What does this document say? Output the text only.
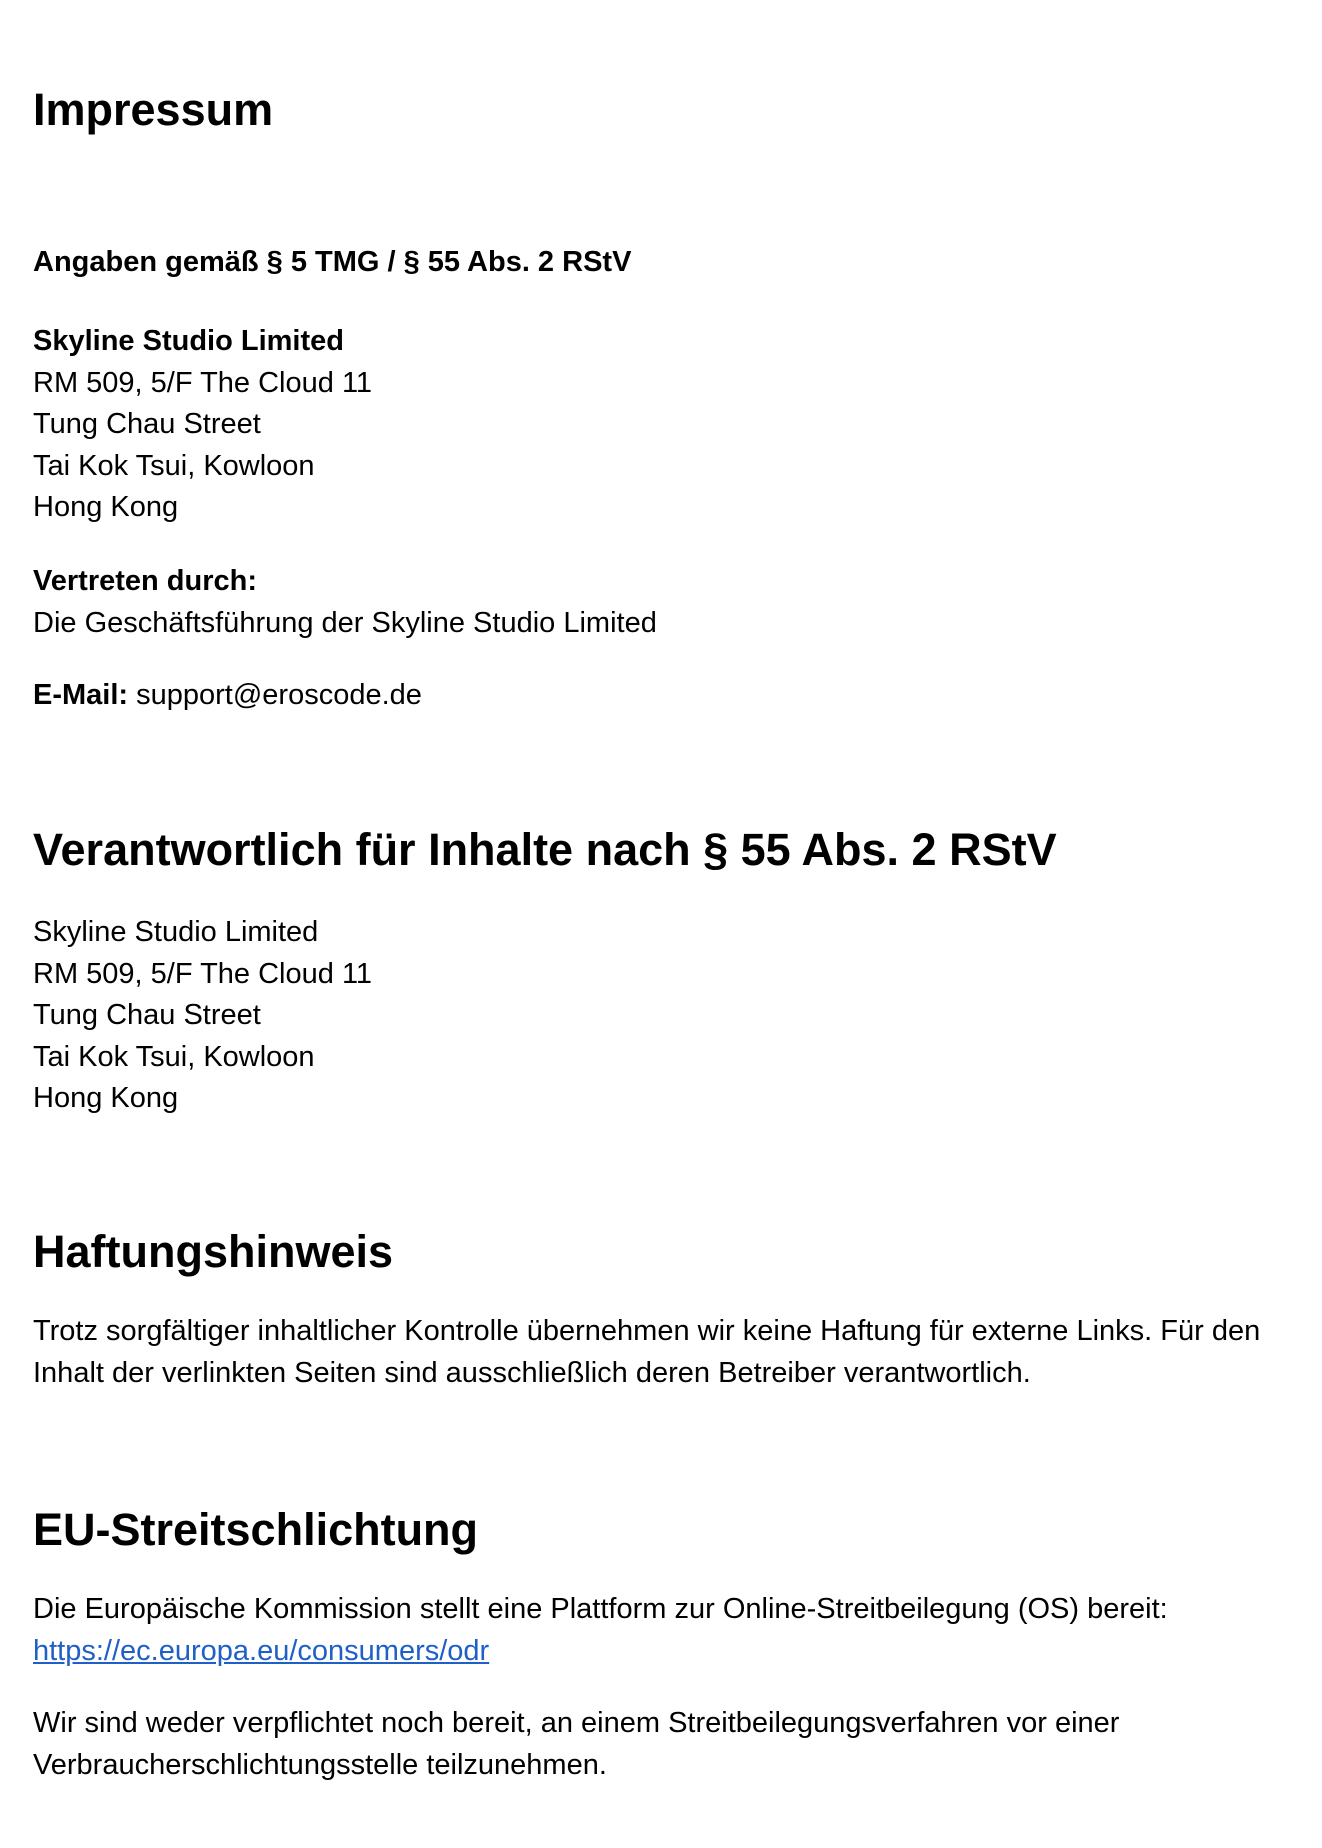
Impressum
Angaben gemäß § 5 TMG / § 55 Abs. 2 RStV
Skyline Studio Limited
RM 509, 5/F The Cloud 11
Tung Chau Street
Tai Kok Tsui, Kowloon
Hong Kong
Vertreten durch:
Die Geschäftsführung der Skyline Studio Limited
E-Mail: support@eroscode.de
Verantwortlich für Inhalte nach § 55 Abs. 2 RStV
Skyline Studio Limited
RM 509, 5/F The Cloud 11
Tung Chau Street
Tai Kok Tsui, Kowloon
Hong Kong
Haftungshinweis

Trotz sorgfältiger inhaltlicher Kontrolle übernehmen wir keine Haftung für externe Links. Für den Inhalt der verlinkten Seiten sind ausschließlich deren Betreiber verantwortlich.

EU-Streitschlichtung
Die Europäische Kommission stellt eine Plattform zur Online-Streitbeilegung (OS) bereit:
https://ec.europa.eu/consumers/odr

Wir sind weder verpflichtet noch bereit, an einem Streitbeilegungsverfahren vor einer Verbraucherschlichtungsstelle teilzunehmen.
